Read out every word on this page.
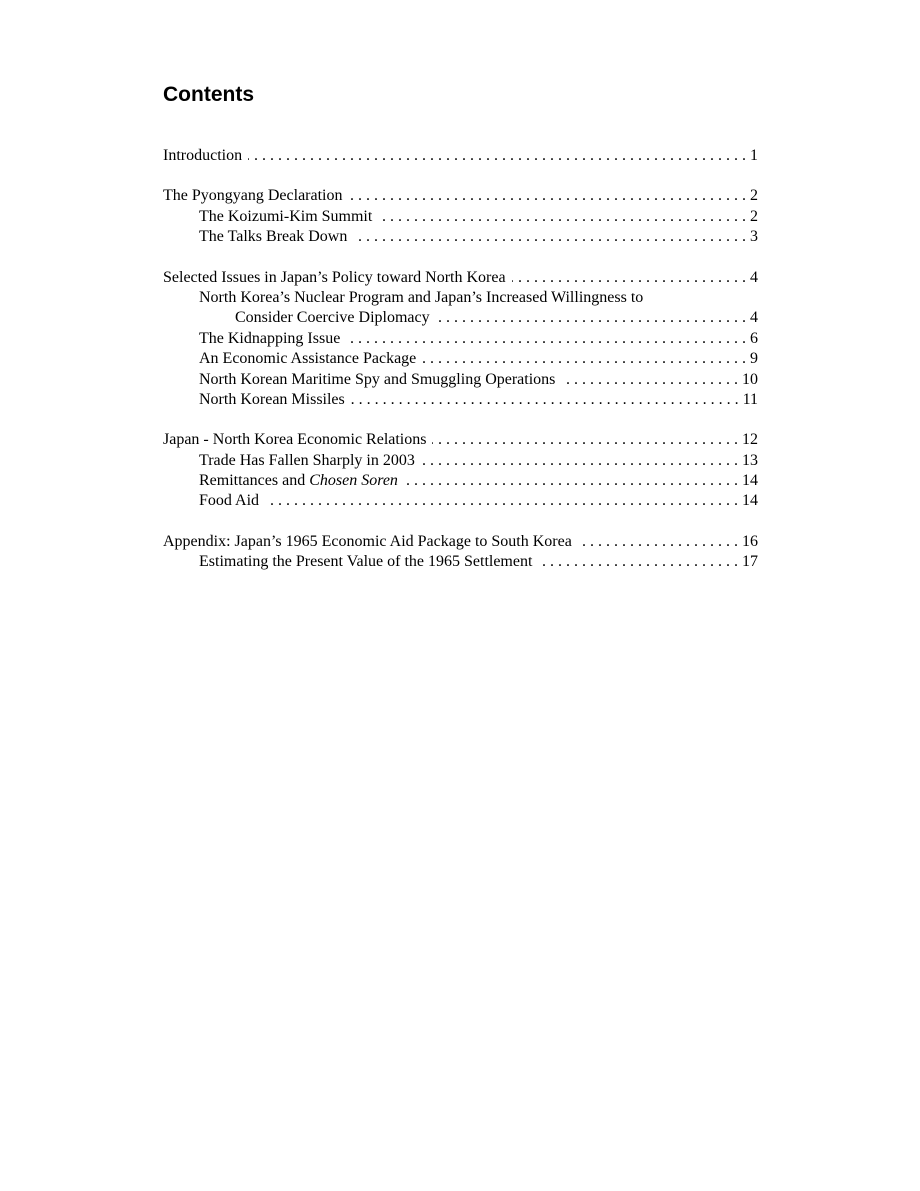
Contents
Introduction . . .	1
The Pyongyang Declaration . . .	2
The Koizumi-Kim Summit . . .	2
The Talks Break Down . . .	3
Selected Issues in Japan’s Policy toward North Korea . . .	4
North Korea’s Nuclear Program and Japan’s Increased Willingness to
Consider Coercive Diplomacy . . .	4
The Kidnapping Issue . . .	6
An Economic Assistance Package . . .	9
North Korean Maritime Spy and Smuggling Operations . . .	10
North Korean Missiles . . .	11
Japan - North Korea Economic Relations . . .	12
Trade Has Fallen Sharply in 2003 . . .	13
Remittances and Chosen Soren . . .	14
Food Aid . . .	14
Appendix: Japan’s 1965 Economic Aid Package to South Korea . . .	16
Estimating the Present Value of the 1965 Settlement . . .	17
